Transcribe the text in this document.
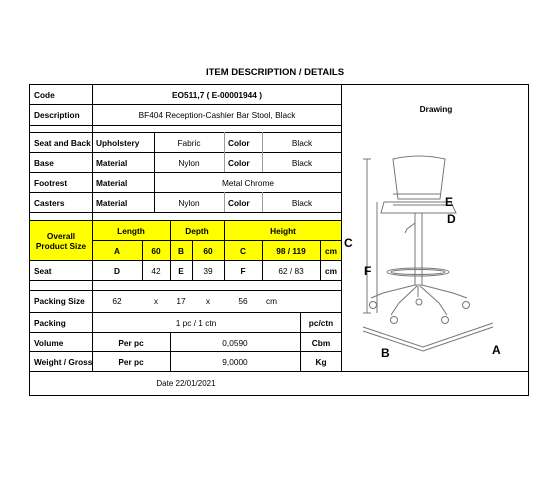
ITEM DESCRIPTION / DETAILS
Code	EO511,7 ( E-00001944 )
Description	BF404 Reception-Cashier Bar Stool, Black
Drawing
Seat and Back Upholstery	Fabric	Color	Black
Base	Material	Nylon	Color	Black
Footrest	Material	Metal Chrome
Casters	Material	Nylon	Color	Black
Overall Product Size
Length	Depth	Height
A	60	B	60	C	98 / 119	cm
Seat	D	42	E	39	F	62 / 83	cm
Packing Size	62	x	17	x	56	cm
Packing	1 pc / 1 ctn	pc/ctn
Volume	Per pc	0,0590	Cbm
Weight / Gross	Per pc	9,0000	Kg
Date 22/01/2021
E
D
C
F
B	A
